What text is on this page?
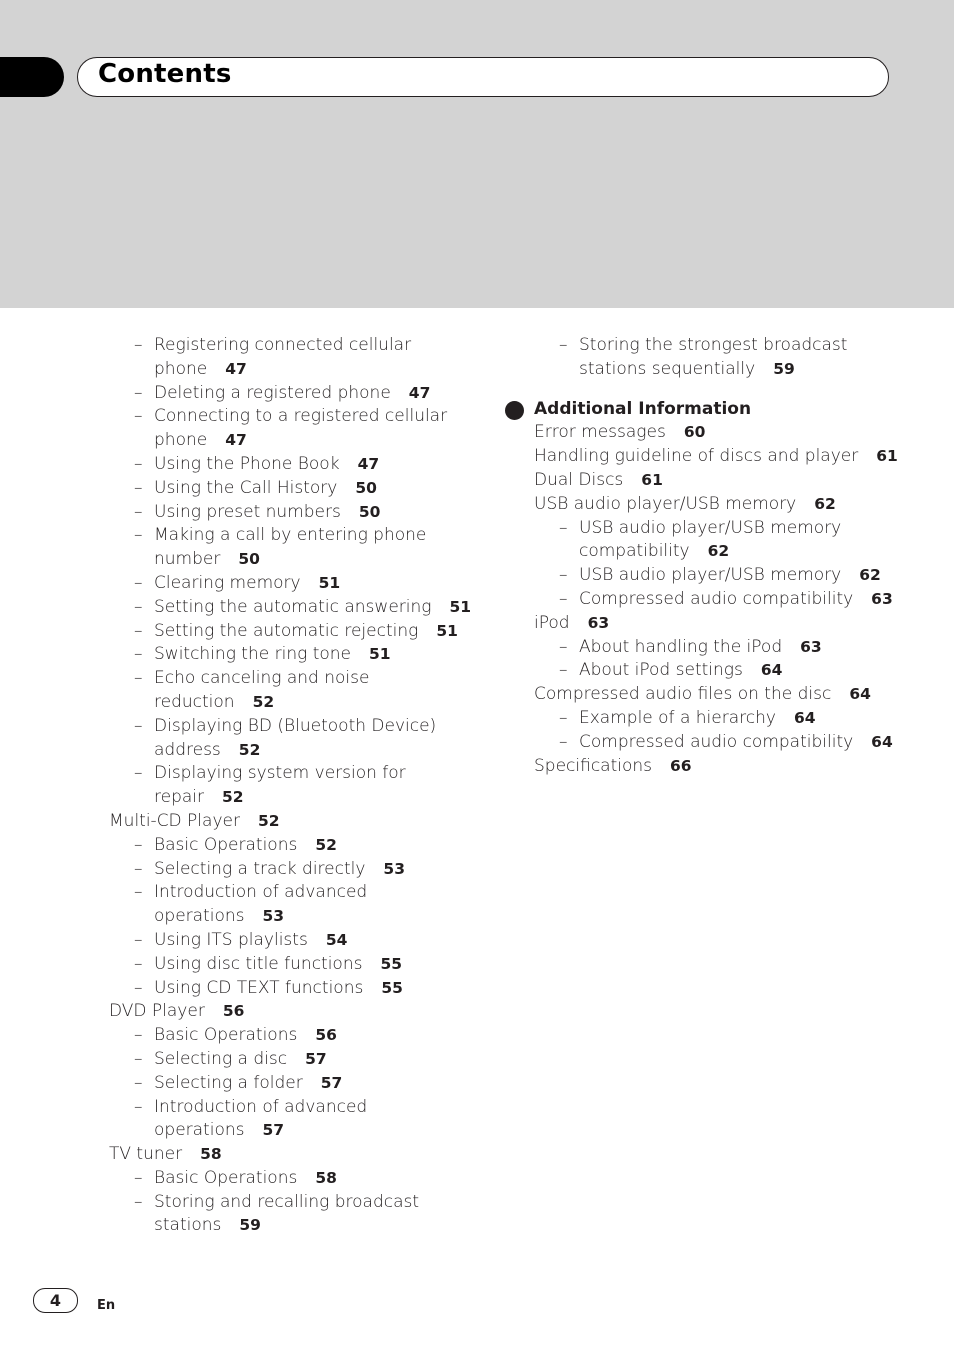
Contents
– Registering connected cellular
phone 47
– Deleting a registered phone 47
– Connecting to a registered cellular
phone 47
– Using the Phone Book 47
– Using the Call History 50
– Using preset numbers 50
– Making a call by entering phone
number 50
– Clearing memory 51
– Setting the automatic answering 51
– Setting the automatic rejecting 51
– Switching the ring tone 51
– Echo canceling and noise
reduction 52
– Displaying BD (Bluetooth Device)
address 52
– Displaying system version for
repair 52
Multi-CD Player 52
– Basic Operations 52
– Selecting a track directly 53
– Introduction of advanced
operations 53
– Using ITS playlists 54
– Using disc title functions 55
– Using CD TEXT functions 55
DVD Player 56
– Basic Operations 56
– Selecting a disc 57
– Selecting a folder 57
– Introduction of advanced
operations 57
TV tuner 58
– Basic Operations 58
– Storing and recalling broadcast
stations 59
– Storing the strongest broadcast
stations sequentially 59
Additional Information
Error messages 60
Handling guideline of discs and player 61
Dual Discs 61
USB audio player/USB memory 62
– USB audio player/USB memory
compatibility 62
– USB audio player/USB memory 62
– Compressed audio compatibility 63
iPod 63
– About handling the iPod 63
– About iPod settings 64
Compressed audio files on the disc 64
– Example of a hierarchy 64
– Compressed audio compatibility 64
Specifications 66
4	En
